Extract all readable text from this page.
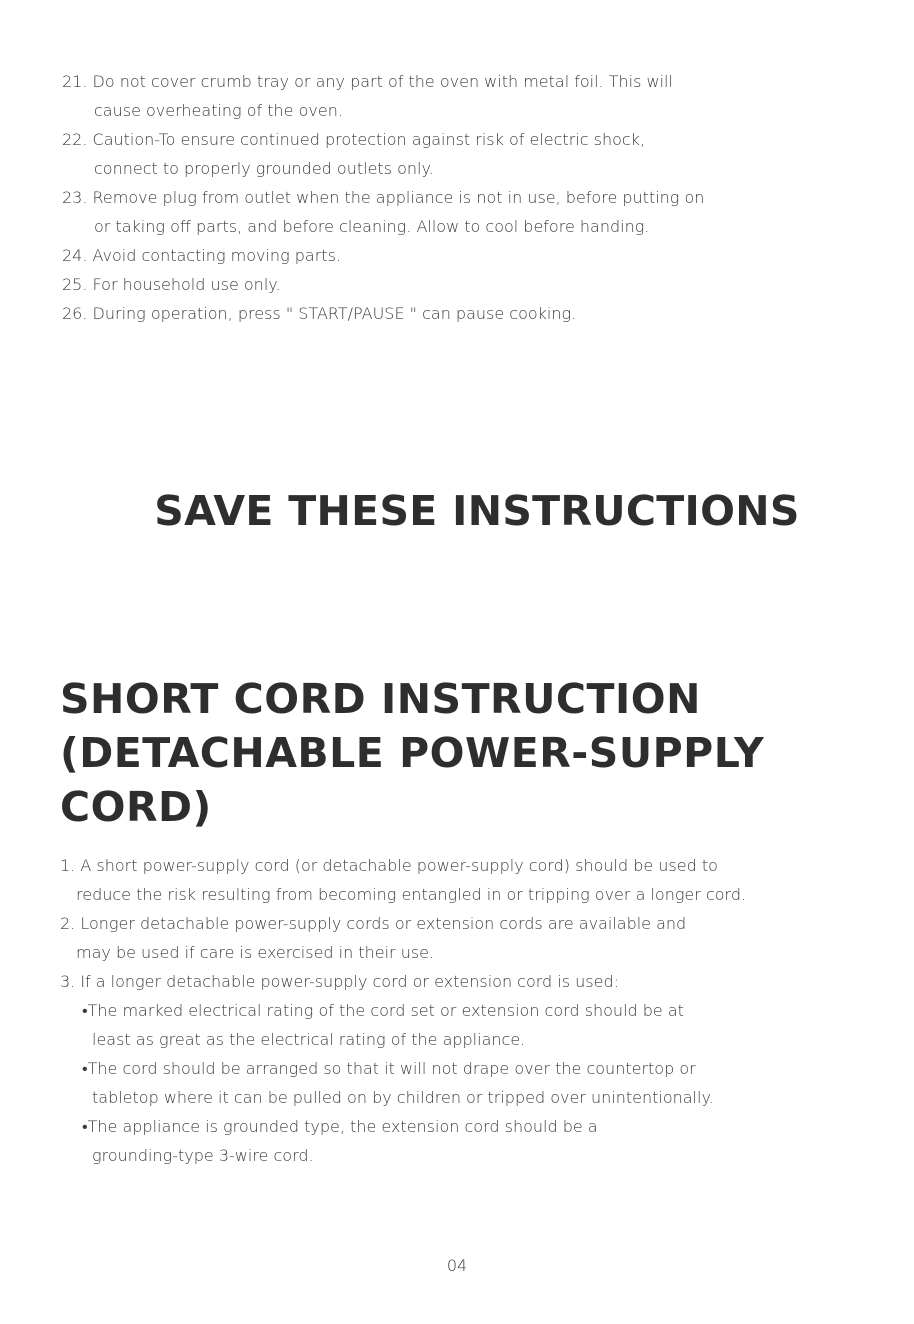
21. Do not cover crumb tray or any part of the oven with metal foil. This will
cause overheating of the oven.
22. Caution-To ensure continued protection against risk of electric shock,
connect to properly grounded outlets only.
23. Remove plug from outlet when the appliance is not in use, before putting on
or taking off parts, and before cleaning. Allow to cool before handing.
24. Avoid contacting moving parts.
25. For household use only.
26. During operation, press " START/PAUSE " can pause cooking.
SAVE THESE INSTRUCTIONS
SHORT CORD INSTRUCTION
(DETACHABLE POWER-SUPPLY
CORD)
1. A short power-supply cord (or detachable power-supply cord) should be used to
reduce the risk resulting from becoming entangled in or tripping over a longer cord.
2. Longer detachable power-supply cords or extension cords are available and
may be used if care is exercised in their use.
3. If a longer detachable power-supply cord or extension cord is used:
•The marked electrical rating of the cord set or extension cord should be at
least as great as the electrical rating of the appliance.
•The cord should be arranged so that it will not drape over the countertop or
tabletop where it can be pulled on by children or tripped over unintentionally.
•The appliance is grounded type, the extension cord should be a
grounding-type 3-wire cord.
04
